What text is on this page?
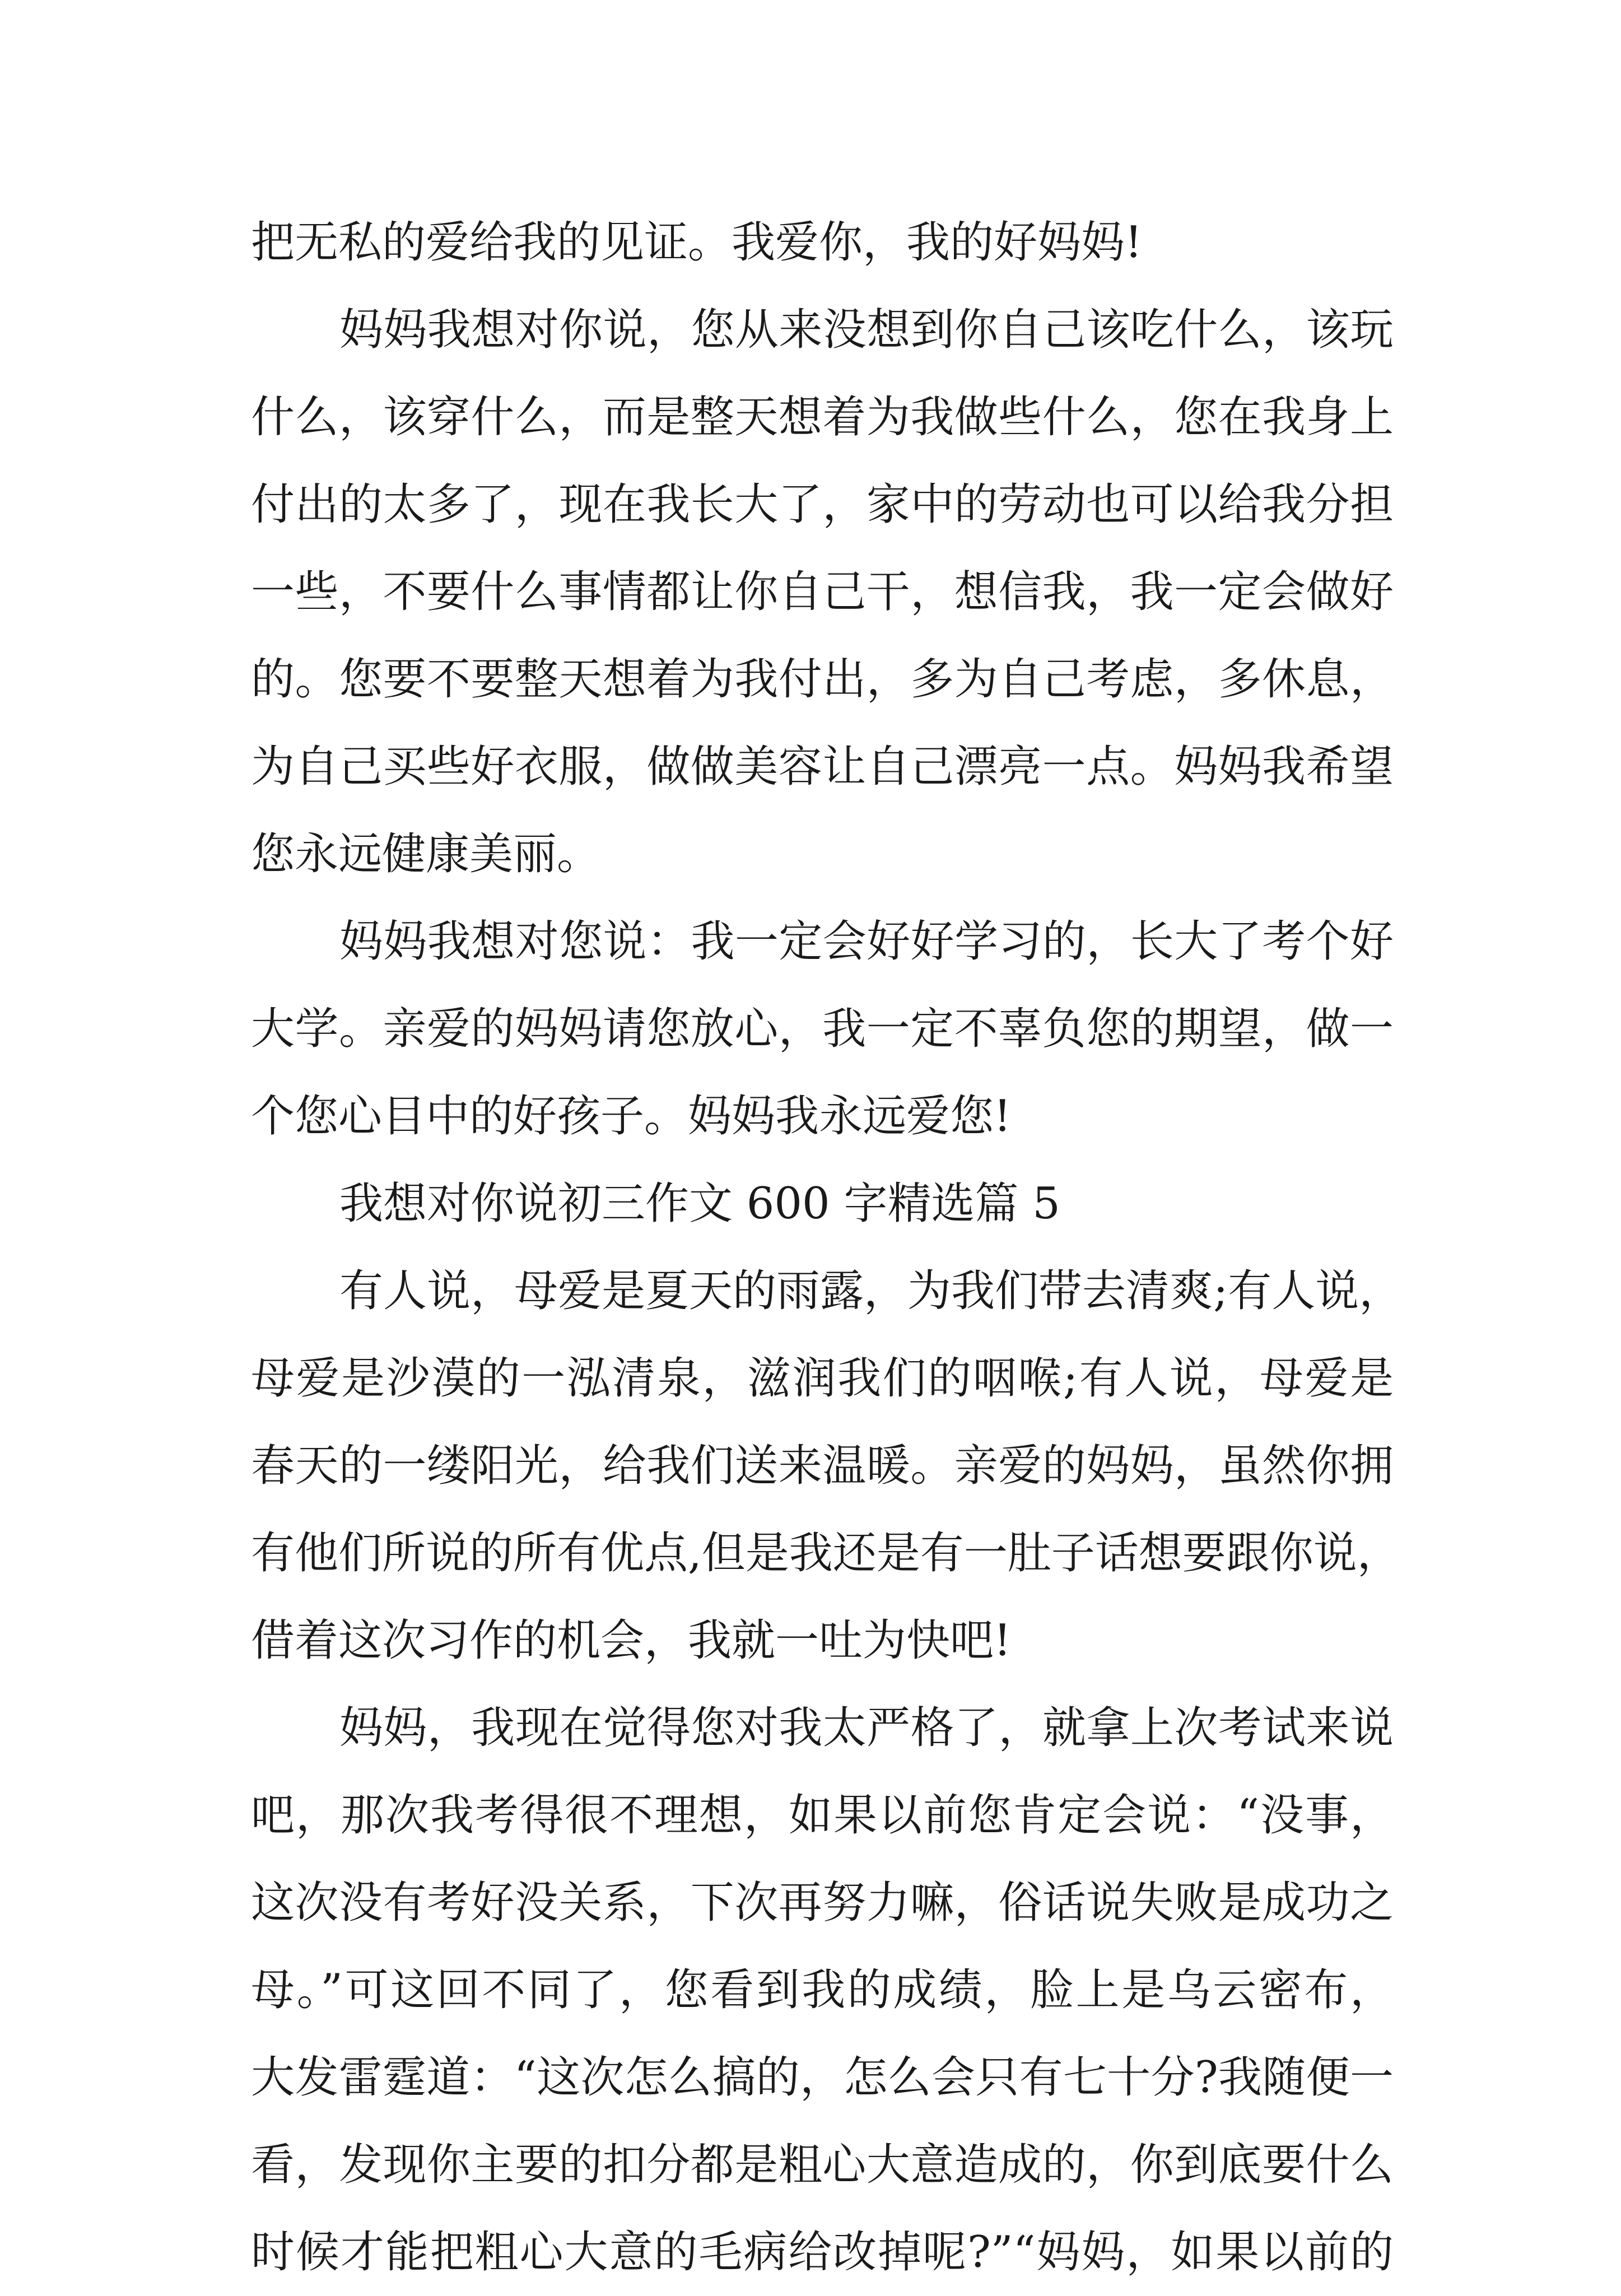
把无私的爱给我的见证。我爱你，我的好妈妈!
妈妈我想对你说，您从来没想到你自己该吃什么，该玩
什么，该穿什么，而是整天想着为我做些什么，您在我身上
付出的太多了，现在我长大了，家中的劳动也可以给我分担
一些，不要什么事情都让你自己干，想信我，我一定会做好
的。您要不要整天想着为我付出，多为自己考虑，多休息，
为自己买些好衣服，做做美容让自己漂亮一点。妈妈我希望
您永远健康美丽。
妈妈我想对您说：我一定会好好学习的，长大了考个好
大学。亲爱的妈妈请您放心，我一定不辜负您的期望，做一
个您心目中的好孩子。妈妈我永远爱您!
我想对你说初三作文 600 字精选篇 5
有人说，母爱是夏天的雨露，为我们带去清爽;有人说，
母爱是沙漠的一泓清泉，滋润我们的咽喉;有人说，母爱是
春天的一缕阳光，给我们送来温暖。亲爱的妈妈，虽然你拥
有他们所说的所有优点,但是我还是有一肚子话想要跟你说，
借着这次习作的机会，我就一吐为快吧!
妈妈，我现在觉得您对我太严格了，就拿上次考试来说
吧，那次我考得很不理想，如果以前您肯定会说：“没事，
这次没有考好没关系，下次再努力嘛，俗话说失败是成功之
母。”可这回不同了，您看到我的成绩，脸上是乌云密布，
大发雷霆道：“这次怎么搞的，怎么会只有七十分?我随便一
看，发现你主要的扣分都是粗心大意造成的，你到底要什么
时候才能把粗心大意的毛病给改掉呢?”“妈妈，如果以前的
